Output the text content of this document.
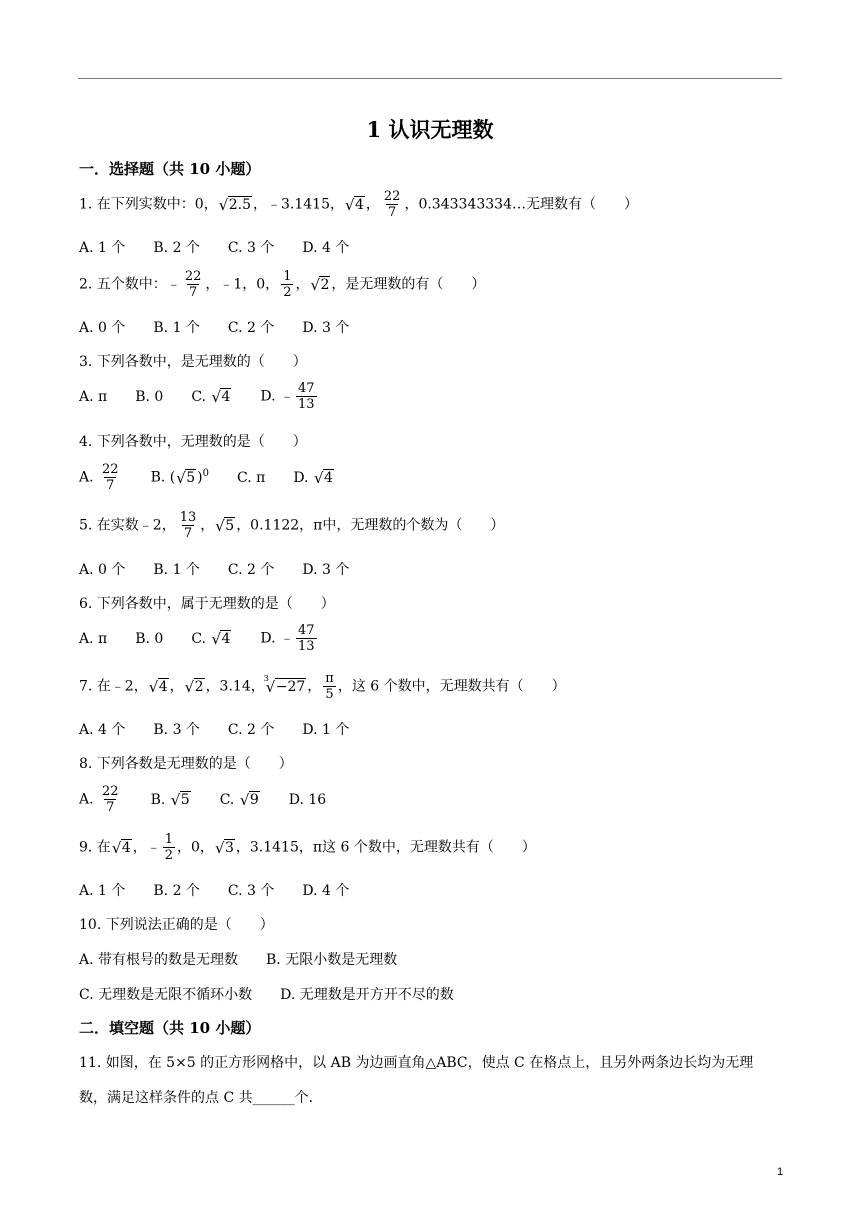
1 认识无理数
一．选择题（共 10 小题）
1. 在下列实数中：0， √ 2.5 ，﹣3.1415， √ 4 ， $\frac{22}{7}$ ，0.343343334…无理数有（　　）
A. 1 个 B. 2 个 C. 3 个 D. 4 个
2. 五个数中：﹣ $\frac{22}{7}$ ，﹣1，0， $\frac{1}{2}$ ， √ 2 ，是无理数的有（　　）
A. 0 个 B. 1 个 C. 2 个 D. 3 个
3. 下列各数中，是无理数的（　　）
A. π B. 0 C. √ 4 D. ﹣ $\frac{47}{13}$
4. 下列各数中，无理数的是（　　）
A. $\frac{22}{7} B$. ( √ 5 )$^0$ C. π D. √ 4
5. 在实数﹣2， $\frac{13}{7}$ ， √ 5 ，0.1122，π中，无理数的个数为（　　）
A. 0 个 B. 1 个 C. 2 个 D. 3 个
6. 下列各数中，属于无理数的是（　　）
A. π B. 0 C. √ 4 D. ﹣ $\frac{47}{13}$
7. 在﹣2， √ 4 ， √ 2 ，3.14，
√ 3
−27 ， $\frac{\pi}{5}$ ，这 6 个数中，无理数共有（　　）
A. 4 个 B. 3 个 C. 2 个 D. 1 个
8. 下列各数是无理数的是（　　）
A. $\frac{22}{7} B$. √ 5 C. √ 9 D. 16
9. 在 √ 4 ，﹣ $\frac{1}{2}$ ，0， √ 3 ，3.1415，π这 6 个数中，无理数共有（　　）
A. 1 个 B. 2 个 C. 3 个 D. 4 个
10. 下列说法正确的是（　　）
A. 带有根号的数是无理数 B. 无限小数是无理数
C. 无理数是无限不循环小数 D. 无理数是开方开不尽的数
二．填空题（共 10 小题）
11. 如图，在 5×5 的正方形网格中，以 AB 为边画直角△ABC，使点 C 在格点上，且另外两条边长均为无理
数，满足这样条件的点 C 共______个．
1
